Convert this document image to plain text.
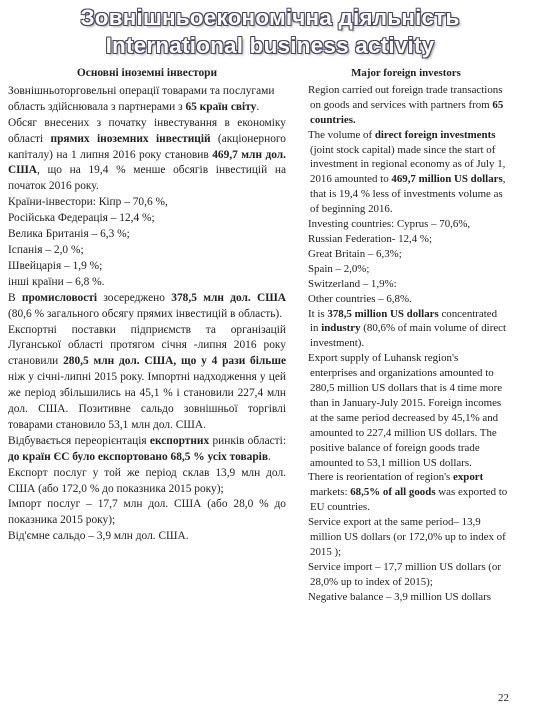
Зовнішньоекономічна діяльність
International business activity

Основні іноземні інвестори

Зовнішньоторговельні операції товарами та послугами область здійснювала з партнерами з 65 країн світу.

Обсяг внесених з початку інвестування в економіку області прямих іноземних інвестицій (акціонерного капіталу) на 1 липня 2016 року становив 469,7 млн дол. США, що на 19,4 % менше обсягів інвестицій на початок 2016 року.

Країни-інвестори: Кіпр – 70,6 %,

Російська Федерація – 12,4 %;

Велика Британія – 6,3 %;

Іспанія – 2,0 %;

Швейцарія – 1,9 %;

інші країни – 6,8 %.

В промисловості зосереджено 378,5 млн дол. США (80,6 % загального обсягу прямих інвестицій в область).

Експортні поставки підприємств та організацій Луганської області протягом січня -липня 2016 року становили 280,5 млн дол. США, що у 4 рази більше ніж у січні-липні 2015 року. Імпортні надходження у цей же період збільшились на 45,1 % і становили 227,4 млн дол. США. Позитивне сальдо зовнішньої торгівлі товарами становило 53,1 млн дол. США.

Відбувається переорієнтація експортних ринків області: до країн ЄС було експортовано 68,5 % усіх товарів.

Експорт послуг у той же період склав 13,9 млн дол. США (або 172,0 % до показника 2015 року);

Імпорт послуг – 17,7 млн дол. США (або 28,0 % до показника 2015 року);

Від'ємне сальдо – 3,9 млн дол. США.

Major foreign investors

Region carried out foreign trade transactions on goods and services with partners from 65 countries.

The volume of direct foreign investments (joint stock capital) made since the start of investment in regional economy as of July 1, 2016 amounted to 469,7 million US dollars, that is 19,4 % less of investments volume as of beginning 2016.

Investing countries: Cyprus – 70,6%,

Russian Federation- 12,4 %;

Great Britain – 6,3%;

Spain – 2,0%;

Switzerland – 1,9%:

Other countries – 6,8%.

It is 378,5 million US dollars concentrated in industry (80,6% of main volume of direct investment).

Export supply of Luhansk region's enterprises and organizations amounted to 280,5 million US dollars that is 4 time more than in January-July 2015. Foreign incomes at the same period decreased by 45,1% and amounted to 227,4 million US dollars. The positive balance of foreign goods trade amounted to 53,1 million US dollars.

There is reorientation of region's export markets: 68,5% of all goods was exported to EU countries.

Service export at the same period– 13,9 million US dollars (or 172,0% up to index of 2015 );

Service import – 17,7 million US dollars (or 28,0% up to index of 2015);

Negative balance – 3,9 million US dollars

22
